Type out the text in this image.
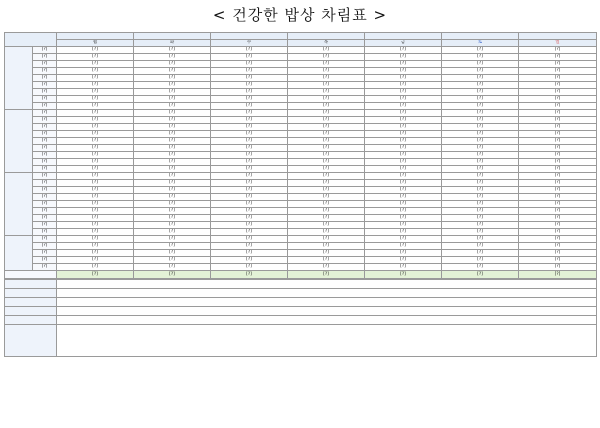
< 건강한 밥상 차림표 >

		월	화	수	목	금	토	일
	[?]	[?]	[?]	[?]	[?]	[?]	[?]	[?]
	[?]	[?]	[?]	[?]	[?]	[?]	[?]	[?]
	[?]	[?]	[?]	[?]	[?]	[?]	[?]	[?]
	[?]	[?]	[?]	[?]	[?]	[?]	[?]	[?]
	[?]	[?]	[?]	[?]	[?]	[?]	[?]	[?]
	[?]	[?]	[?]	[?]	[?]	[?]	[?]	[?]
	[?]	[?]	[?]	[?]	[?]	[?]	[?]	[?]
	[?]	[?]	[?]	[?]	[?]	[?]	[?]	[?]
	[?]	[?]	[?]	[?]	[?]	[?]	[?]	[?]
	[?]	[?]	[?]	[?]	[?]	[?]	[?]	[?]
	[?]	[?]	[?]	[?]	[?]	[?]	[?]	[?]
	[?]	[?]	[?]	[?]	[?]	[?]	[?]	[?]
	[?]	[?]	[?]	[?]	[?]	[?]	[?]	[?]
	[?]	[?]	[?]	[?]	[?]	[?]	[?]	[?]
	[?]	[?]	[?]	[?]	[?]	[?]	[?]	[?]
	[?]	[?]	[?]	[?]	[?]	[?]	[?]	[?]
	[?]	[?]	[?]	[?]	[?]	[?]	[?]	[?]
	[?]	[?]	[?]	[?]	[?]	[?]	[?]	[?]
	[?]	[?]	[?]	[?]	[?]	[?]	[?]	[?]
	[?]	[?]	[?]	[?]	[?]	[?]	[?]	[?]
	[?]	[?]	[?]	[?]	[?]	[?]	[?]	[?]
	[?]	[?]	[?]	[?]	[?]	[?]	[?]	[?]
	[?]	[?]	[?]	[?]	[?]	[?]	[?]	[?]
	[?]	[?]	[?]	[?]	[?]	[?]	[?]	[?]
	[?]	[?]	[?]	[?]	[?]	[?]	[?]	[?]
	[?]	[?]	[?]	[?]	[?]	[?]	[?]	[?]
	[?]	[?]	[?]	[?]	[?]	[?]	[?]	[?]
	[?]	[?]	[?]	[?]	[?]	[?]	[?]	[?]
	[?]	[?]	[?]	[?]	[?]	[?]	[?]	[?]
	[?]	[?]	[?]	[?]	[?]	[?]	[?]	[?]
	[?]	[?]	[?]	[?]	[?]	[?]	[?]	[?]
	[?]	[?]	[?]	[?]	[?]	[?]	[?]	[?]
		[?]	[?]	[?]	[?]	[?]	[?]	[?]
